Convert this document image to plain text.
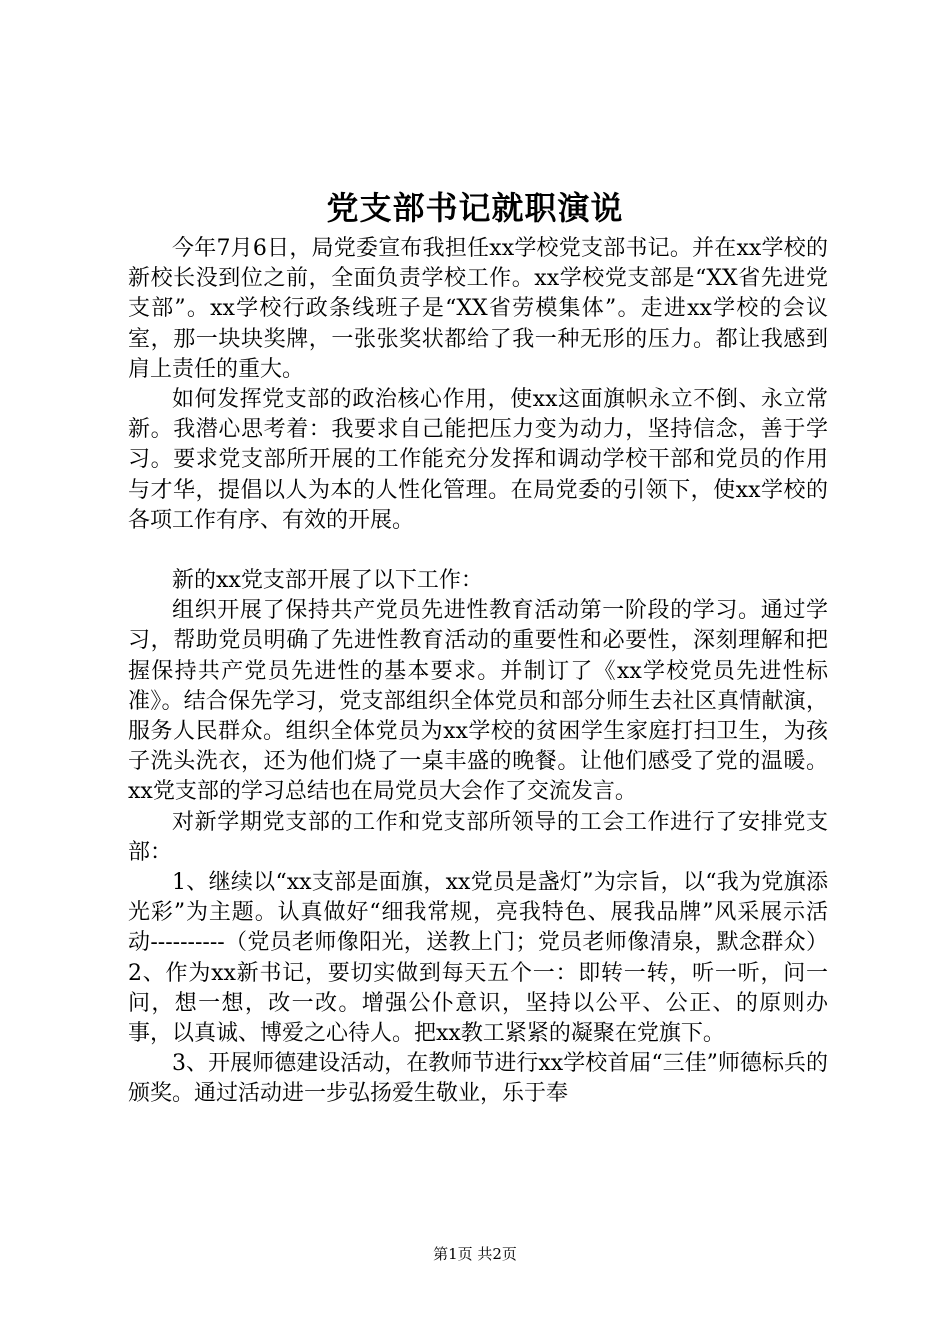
党支部书记就职演说

今年7月6日，局党委宣布我担任xx学校党支部书记。并在xx学校的新校长没到位之前，全面负责学校工作。xx学校党支部是“XX省先进党支部”。xx学校行政条线班子是“XX省劳模集体”。走进xx学校的会议室，那一块块奖牌，一张张奖状都给了我一种无形的压力。都让我感到肩上责任的重大。

如何发挥党支部的政治核心作用，使xx这面旗帜永立不倒、永立常新。我潜心思考着：我要求自己能把压力变为动力，坚持信念，善于学习。要求党支部所开展的工作能充分发挥和调动学校干部和党员的作用与才华，提倡以人为本的人性化管理。在局党委的引领下，使xx学校的各项工作有序、有效的开展。

新的xx党支部开展了以下工作：

组织开展了保持共产党员先进性教育活动第一阶段的学习。通过学习，帮助党员明确了先进性教育活动的重要性和必要性，深刻理解和把握保持共产党员先进性的基本要求。并制订了《xx学校党员先进性标准》。结合保先学习，党支部组织全体党员和部分师生去社区真情献演，服务人民群众。组织全体党员为xx学校的贫困学生家庭打扫卫生，为孩子洗头洗衣，还为他们烧了一桌丰盛的晚餐。让他们感受了党的温暖。xx党支部的学习总结也在局党员大会作了交流发言。

对新学期党支部的工作和党支部所领导的工会工作进行了安排党支部：

1、继续以“xx支部是面旗，xx党员是盏灯”为宗旨，以“我为党旗添光彩”为主题。认真做好“细我常规，亮我特色、展我品牌”风采展示活动----------（党员老师像阳光，送教上门；党员老师像清泉，默念群众）2、作为xx新书记，要切实做到每天五个一：即转一转，听一听，问一问，想一想，改一改。增强公仆意识，坚持以公平、公正、的原则办事，以真诚、博爱之心待人。把xx教工紧紧的凝聚在党旗下。

3、开展师德建设活动，在教师节进行xx学校首届“三佳”师德标兵的颁奖。通过活动进一步弘扬爱生敬业，乐于奉

第1页 共2页
